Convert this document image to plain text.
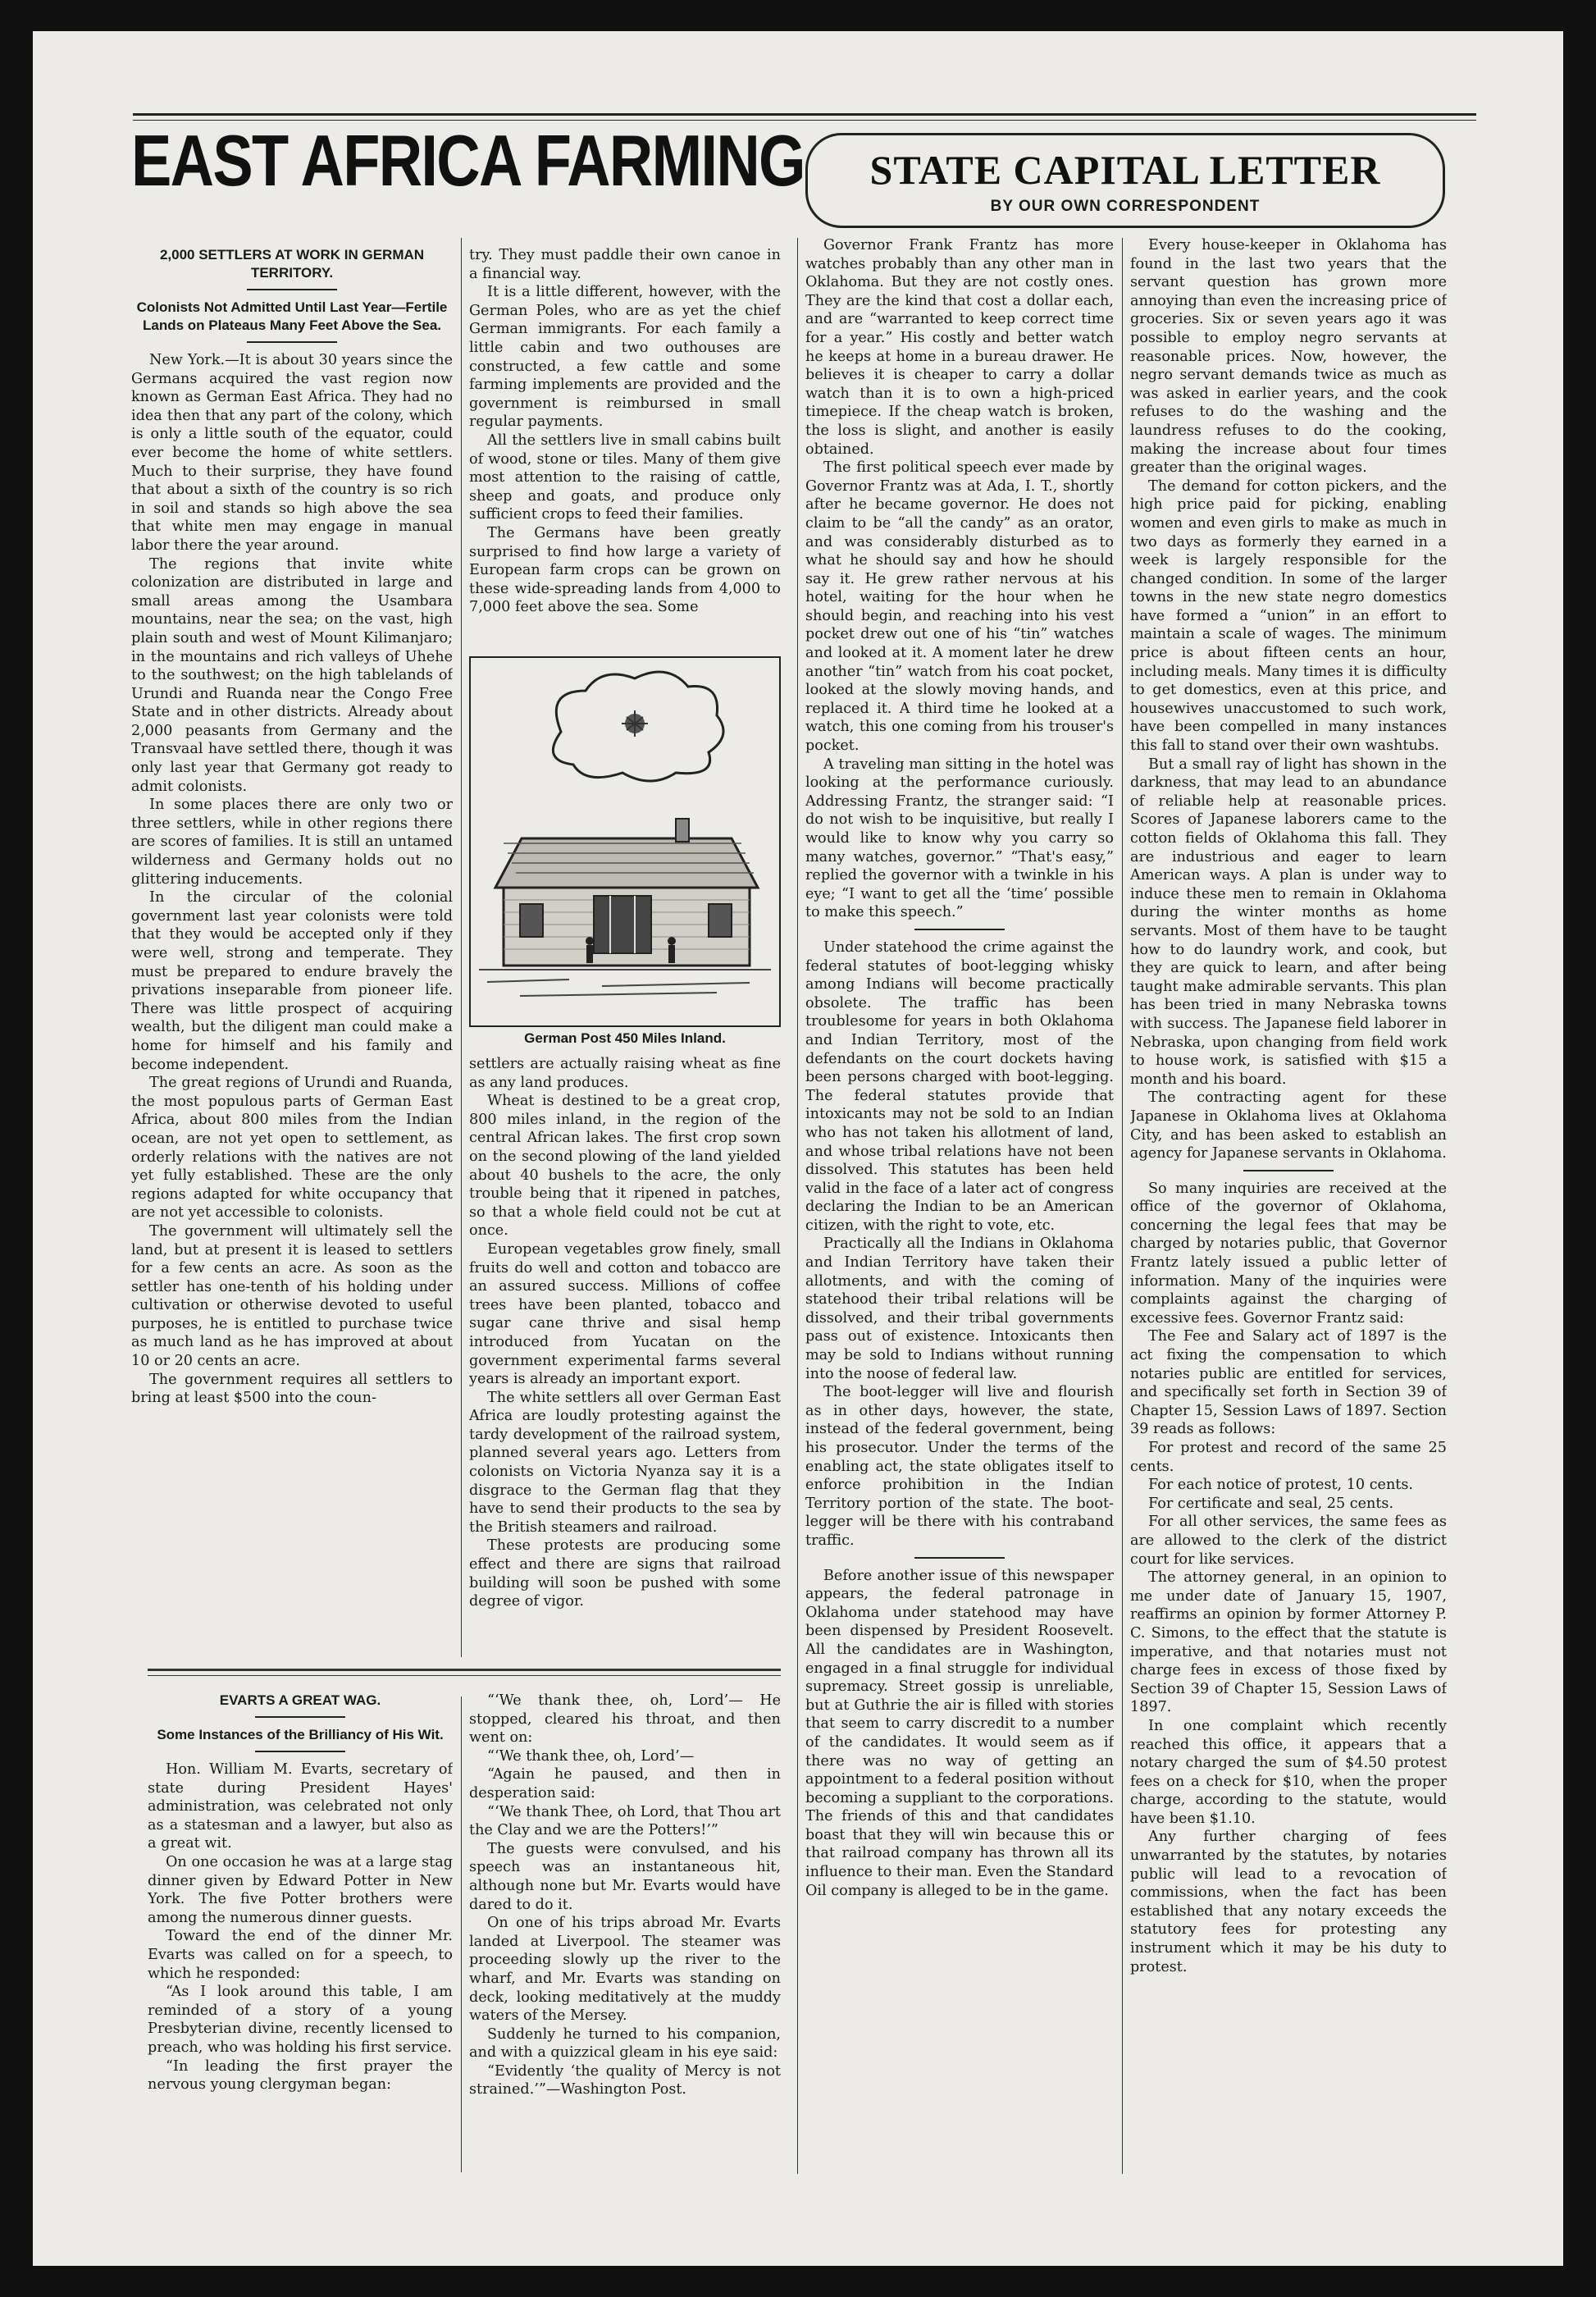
EAST AFRICA FARMING	STATE CAPITAL LETTER
BY OUR OWN CORRESPONDENT
2,000 SETTLERS AT WORK IN GERMAN TERRITORY.
Colonists Not Admitted Until Last Year—Fertile Lands on Plateaus Many Feet Above the Sea.

New York.—It is about 30 years since the Germans acquired the vast region now known as German East Africa. They had no idea then that any part of the colony, which is only a little south of the equator, could ever become the home of white settlers. Much to their surprise, they have found that about a sixth of the country is so rich in soil and stands so high above the sea that white men may engage in manual labor there the year around.

The regions that invite white colonization are distributed in large and small areas among the Usambara mountains, near the sea; on the vast, high plain south and west of Mount Kilimanjaro; in the mountains and rich valleys of Uhehe to the southwest; on the high tablelands of Urundi and Ruanda near the Congo Free State and in other districts. Already about 2,000 peasants from Germany and the Transvaal have settled there, though it was only last year that Germany got ready to admit colonists.

In some places there are only two or three settlers, while in other regions there are scores of families. It is still an untamed wilderness and Germany holds out no glittering inducements.

In the circular of the colonial government last year colonists were told that they would be accepted only if they were well, strong and temperate. They must be prepared to endure bravely the privations inseparable from pioneer life. There was little prospect of acquiring wealth, but the diligent man could make a home for himself and his family and become independent.

The great regions of Urundi and Ruanda, the most populous parts of German East Africa, about 800 miles from the Indian ocean, are not yet open to settlement, as orderly relations with the natives are not yet fully established. These are the only regions adapted for white occupancy that are not yet accessible to colonists.

The government will ultimately sell the land, but at present it is leased to settlers for a few cents an acre. As soon as the settler has one-tenth of his holding under cultivation or otherwise devoted to useful purposes, he is entitled to purchase twice as much land as he has improved at about 10 or 20 cents an acre.

The government requires all settlers to bring at least $500 into the coun-

try. They must paddle their own canoe in a financial way.

It is a little different, however, with the German Poles, who are as yet the chief German immigrants. For each family a little cabin and two outhouses are constructed, a few cattle and some farming implements are provided and the government is reimbursed in small regular payments.

All the settlers live in small cabins built of wood, stone or tiles. Many of them give most attention to the raising of cattle, sheep and goats, and produce only sufficient crops to feed their families.

The Germans have been greatly surprised to find how large a variety of European farm crops can be grown on these wide-spreading lands from 4,000 to 7,000 feet above the sea. Some

German Post 450 Miles Inland.

settlers are actually raising wheat as fine as any land produces.

Wheat is destined to be a great crop, 800 miles inland, in the region of the central African lakes. The first crop sown on the second plowing of the land yielded about 40 bushels to the acre, the only trouble being that it ripened in patches, so that a whole field could not be cut at once.

European vegetables grow finely, small fruits do well and cotton and tobacco are an assured success. Millions of coffee trees have been planted, tobacco and sugar cane thrive and sisal hemp introduced from Yucatan on the government experimental farms several years is already an important export.

The white settlers all over German East Africa are loudly protesting against the tardy development of the railroad system, planned several years ago. Letters from colonists on Victoria Nyanza say it is a disgrace to the German flag that they have to send their products to the sea by the British steamers and railroad.

These protests are producing some effect and there are signs that railroad building will soon be pushed with some degree of vigor.

EVARTS A GREAT WAG.
Some Instances of the Brilliancy of His Wit.

Hon. William M. Evarts, secretary of state during President Hayes' administration, was celebrated not only as a statesman and a lawyer, but also as a great wit.

On one occasion he was at a large stag dinner given by Edward Potter in New York. The five Potter brothers were among the numerous dinner guests.

Toward the end of the dinner Mr. Evarts was called on for a speech, to which he responded:

“As I look around this table, I am reminded of a story of a young Presbyterian divine, recently licensed to preach, who was holding his first service.

“In leading the first prayer the nervous young clergyman began:

“‘We thank thee, oh, Lord’— He stopped, cleared his throat, and then went on:

“‘We thank thee, oh, Lord’—

“Again he paused, and then in desperation said:

“‘We thank Thee, oh Lord, that Thou art the Clay and we are the Potters!’”

The guests were convulsed, and his speech was an instantaneous hit, although none but Mr. Evarts would have dared to do it.

On one of his trips abroad Mr. Evarts landed at Liverpool. The steamer was proceeding slowly up the river to the wharf, and Mr. Evarts was standing on deck, looking meditatively at the muddy waters of the Mersey.

Suddenly he turned to his companion, and with a quizzical gleam in his eye said:

“Evidently ‘the quality of Mercy is not strained.’”—Washington Post.

Governor Frank Frantz has more watches probably than any other man in Oklahoma. But they are not costly ones. They are the kind that cost a dollar each, and are “warranted to keep correct time for a year.” His costly and better watch he keeps at home in a bureau drawer. He believes it is cheaper to carry a dollar watch than it is to own a high-priced timepiece. If the cheap watch is broken, the loss is slight, and another is easily obtained.

The first political speech ever made by Governor Frantz was at Ada, I. T., shortly after he became governor. He does not claim to be “all the candy” as an orator, and was considerably disturbed as to what he should say and how he should say it. He grew rather nervous at his hotel, waiting for the hour when he should begin, and reaching into his vest pocket drew out one of his “tin” watches and looked at it. A moment later he drew another “tin” watch from his coat pocket, looked at the slowly moving hands, and replaced it. A third time he looked at a watch, this one coming from his trouser's pocket.

A traveling man sitting in the hotel was looking at the performance curiously. Addressing Frantz, the stranger said: “I do not wish to be inquisitive, but really I would like to know why you carry so many watches, governor.” “That's easy,” replied the governor with a twinkle in his eye; “I want to get all the ‘time’ possible to make this speech.”

Under statehood the crime against the federal statutes of boot-legging whisky among Indians will become practically obsolete. The traffic has been troublesome for years in both Oklahoma and Indian Territory, most of the defendants on the court dockets having been persons charged with boot-legging. The federal statutes provide that intoxicants may not be sold to an Indian who has not taken his allotment of land, and whose tribal relations have not been dissolved. This statutes has been held valid in the face of a later act of congress declaring the Indian to be an American citizen, with the right to vote, etc.

Practically all the Indians in Oklahoma and Indian Territory have taken their allotments, and with the coming of statehood their tribal relations will be dissolved, and their tribal governments pass out of existence. Intoxicants then may be sold to Indians without running into the noose of federal law.

The boot-legger will live and flourish as in other days, however, the state, instead of the federal government, being his prosecutor. Under the terms of the enabling act, the state obligates itself to enforce prohibition in the Indian Territory portion of the state. The boot-legger will be there with his contraband traffic.

Before another issue of this newspaper appears, the federal patronage in Oklahoma under statehood may have been dispensed by President Roosevelt. All the candidates are in Washington, engaged in a final struggle for individual supremacy. Street gossip is unreliable, but at Guthrie the air is filled with stories that seem to carry discredit to a number of the candidates. It would seem as if there was no way of getting an appointment to a federal position without becoming a suppliant to the corporations. The friends of this and that candidates boast that they will win because this or that railroad company has thrown all its influence to their man. Even the Standard Oil company is alleged to be in the game.

Every house-keeper in Oklahoma has found in the last two years that the servant question has grown more annoying than even the increasing price of groceries. Six or seven years ago it was possible to employ negro servants at reasonable prices. Now, however, the negro servant demands twice as much as was asked in earlier years, and the cook refuses to do the washing and the laundress refuses to do the cooking, making the increase about four times greater than the original wages.

The demand for cotton pickers, and the high price paid for picking, enabling women and even girls to make as much in two days as formerly they earned in a week is largely responsible for the changed condition. In some of the larger towns in the new state negro domestics have formed a “union” in an effort to maintain a scale of wages. The minimum price is about fifteen cents an hour, including meals. Many times it is difficulty to get domestics, even at this price, and housewives unaccustomed to such work, have been compelled in many instances this fall to stand over their own washtubs.

But a small ray of light has shown in the darkness, that may lead to an abundance of reliable help at reasonable prices. Scores of Japanese laborers came to the cotton fields of Oklahoma this fall. They are industrious and eager to learn American ways. A plan is under way to induce these men to remain in Oklahoma during the winter months as home servants. Most of them have to be taught how to do laundry work, and cook, but they are quick to learn, and after being taught make admirable servants. This plan has been tried in many Nebraska towns with success. The Japanese field laborer in Nebraska, upon changing from field work to house work, is satisfied with $15 a month and his board.

The contracting agent for these Japanese in Oklahoma lives at Oklahoma City, and has been asked to establish an agency for Japanese servants in Oklahoma.

So many inquiries are received at the office of the governor of Oklahoma, concerning the legal fees that may be charged by notaries public, that Governor Frantz lately issued a public letter of information. Many of the inquiries were complaints against the charging of excessive fees. Governor Frantz said:

The Fee and Salary act of 1897 is the act fixing the compensation to which notaries public are entitled for services, and specifically set forth in Section 39 of Chapter 15, Session Laws of 1897. Section 39 reads as follows:

For protest and record of the same 25 cents.

For each notice of protest, 10 cents.

For certificate and seal, 25 cents.

For all other services, the same fees as are allowed to the clerk of the district court for like services.

The attorney general, in an opinion to me under date of January 15, 1907, reaffirms an opinion by former Attorney P. C. Simons, to the effect that the statute is imperative, and that notaries must not charge fees in excess of those fixed by Section 39 of Chapter 15, Session Laws of 1897.

In one complaint which recently reached this office, it appears that a notary charged the sum of $4.50 protest fees on a check for $10, when the proper charge, according to the statute, would have been $1.10.

Any further charging of fees unwarranted by the statutes, by notaries public will lead to a revocation of commissions, when the fact has been established that any notary exceeds the statutory fees for protesting any instrument which it may be his duty to protest.
